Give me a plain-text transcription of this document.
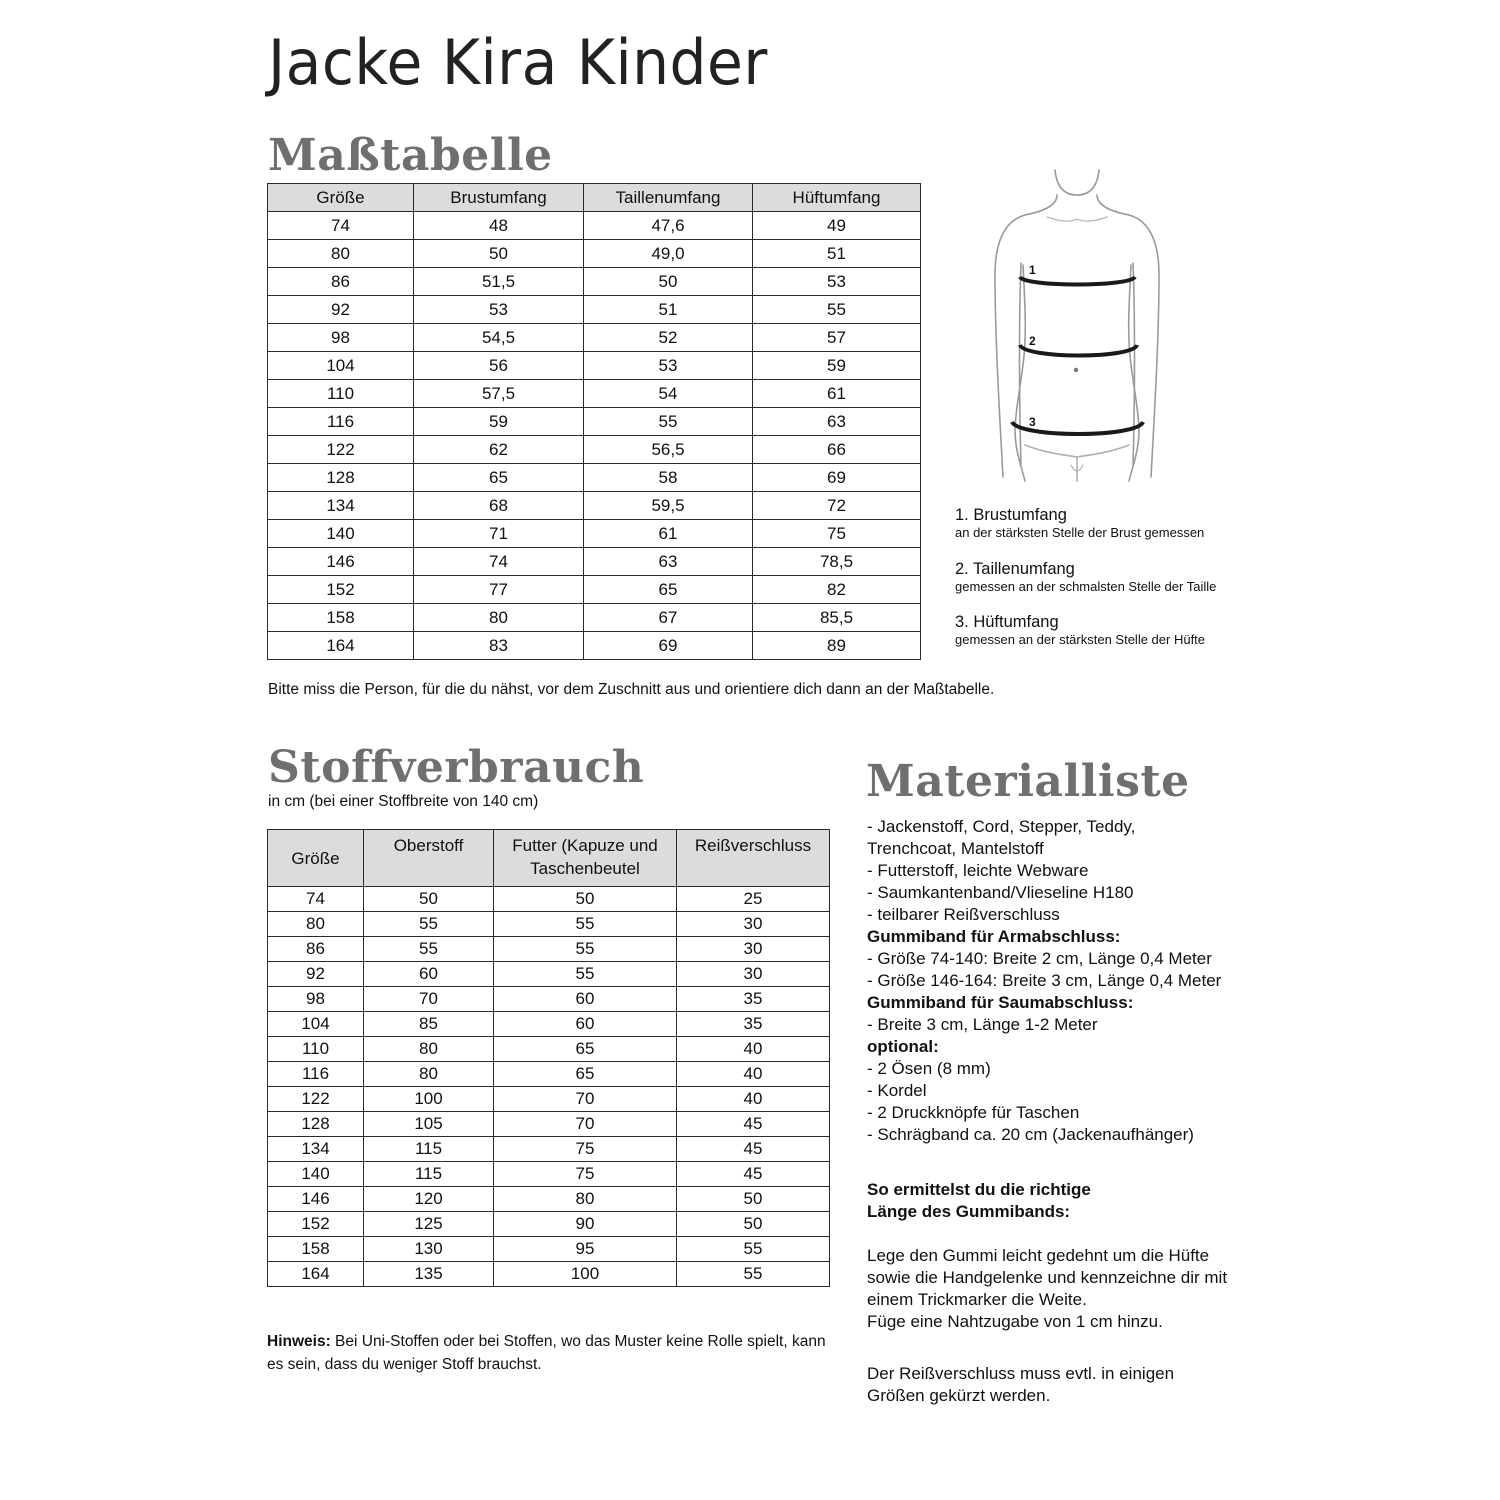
Jacke Kira Kinder
Maßtabelle
Größe	Brustumfang	Taillenumfang	Hüftumfang
74	48	47,6	49
80	50	49,0	51
86	51,5	50	53
92	53	51	55
98	54,5	52	57
104	56	53	59
110	57,5	54	61
116	59	55	63
122	62	56,5	66
128	65	58	69
134	68	59,5	72
140	71	61	75
146	74	63	78,5
152	77	65	82
158	80	67	85,5
164	83	69	89
Bitte miss die Person, für die du nähst, vor dem Zuschnitt aus und orientiere dich dann an der Maßtabelle.
1
2
3
1. Brustumfang
an der stärksten Stelle der Brust gemessen
2. Taillenumfang
gemessen an der schmalsten Stelle der Taille
3. Hüftumfang
gemessen an der stärksten Stelle der Hüfte
Stoffverbrauch
in cm (bei einer Stoffbreite von 140 cm)
Größe	Oberstoff	Futter (Kapuze und Taschenbeutel	Reißverschluss
74	50	50	25
80	55	55	30
86	55	55	30
92	60	55	30
98	70	60	35
104	85	60	35
110	80	65	40
116	80	65	40
122	100	70	40
128	105	70	45
134	115	75	45
140	115	75	45
146	120	80	50
152	125	90	50
158	130	95	55
164	135	100	55
Hinweis: Bei Uni-Stoffen oder bei Stoffen, wo das Muster keine Rolle spielt, kann es sein, dass du weniger Stoff brauchst.
Materialliste
- Jackenstoff, Cord, Stepper, Teddy,
Trenchcoat, Mantelstoff
- Futterstoff, leichte Webware
- Saumkantenband/Vlieseline H180
- teilbarer Reißverschluss
Gummiband für Armabschluss:
- Größe 74-140: Breite 2 cm, Länge 0,4 Meter
- Größe 146-164: Breite 3 cm, Länge 0,4 Meter
Gummiband für Saumabschluss:
- Breite 3 cm, Länge 1-2 Meter
optional:
- 2 Ösen (8 mm)
- Kordel
- 2 Druckknöpfe für Taschen
- Schrägband ca. 20 cm (Jackenaufhänger)
So ermittelst du die richtige
Länge des Gummibands:
Lege den Gummi leicht gedehnt um die Hüfte
sowie die Handgelenke und kennzeichne dir mit
einem Trickmarker die Weite.
Füge eine Nahtzugabe von 1 cm hinzu.
Der Reißverschluss muss evtl. in einigen
Größen gekürzt werden.
